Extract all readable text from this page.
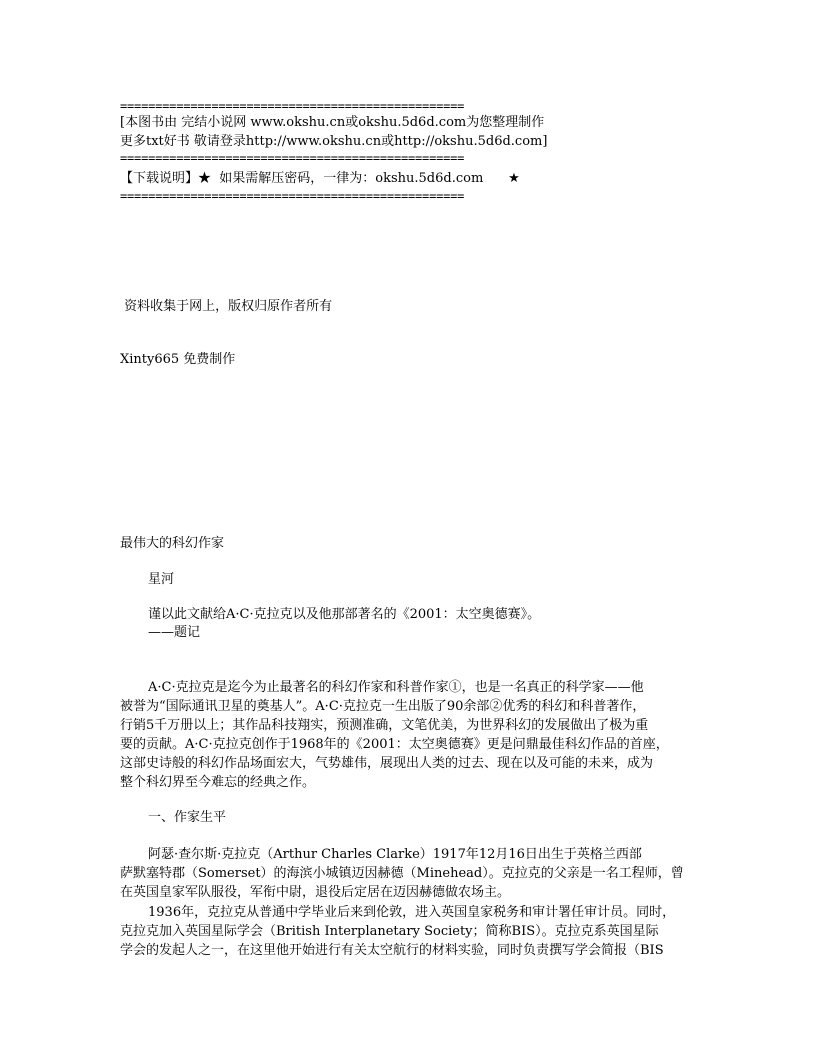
=================================================
[本图书由 完结小说网 www.okshu.cn或okshu.5d6d.com为您整理制作
更多txt好书 敬请登录http://www.okshu.cn或http://okshu.5d6d.com]
=================================================
【下载说明】★  如果需解压密码，一律为：okshu.5d6d.com      ★
=================================================
资料收集于网上，版权归原作者所有
Xinty665 免费制作
最伟大的科幻作家
星河
谨以此文献给A·C·克拉克以及他那部著名的《2001：太空奥德赛》。
——题记
A·C·克拉克是迄今为止最著名的科幻作家和科普作家①，也是一名真正的科学家——他
被誉为“国际通讯卫星的奠基人”。A·C·克拉克一生出版了90余部②优秀的科幻和科普著作，
行销5千万册以上；其作品科技翔实，预测准确，文笔优美，为世界科幻的发展做出了极为重
要的贡献。A·C·克拉克创作于1968年的《2001：太空奥德赛》更是问鼎最佳科幻作品的首座，
这部史诗般的科幻作品场面宏大，气势雄伟，展现出人类的过去、现在以及可能的未来，成为
整个科幻界至今难忘的经典之作。
一、作家生平
阿瑟·查尔斯·克拉克（Arthur Charles Clarke）1917年12月16日出生于英格兰西部
萨默塞特郡（Somerset）的海滨小城镇迈因赫德（Minehead）。克拉克的父亲是一名工程师，曾
在英国皇家军队服役，军衔中尉，退役后定居在迈因赫德做农场主。
1936年，克拉克从普通中学毕业后来到伦敦，进入英国皇家税务和审计署任审计员。同时，
克拉克加入英国星际学会（British Interplanetary Society；简称BIS）。克拉克系英国星际
学会的发起人之一，在这里他开始进行有关太空航行的材料实验，同时负责撰写学会简报（BIS
